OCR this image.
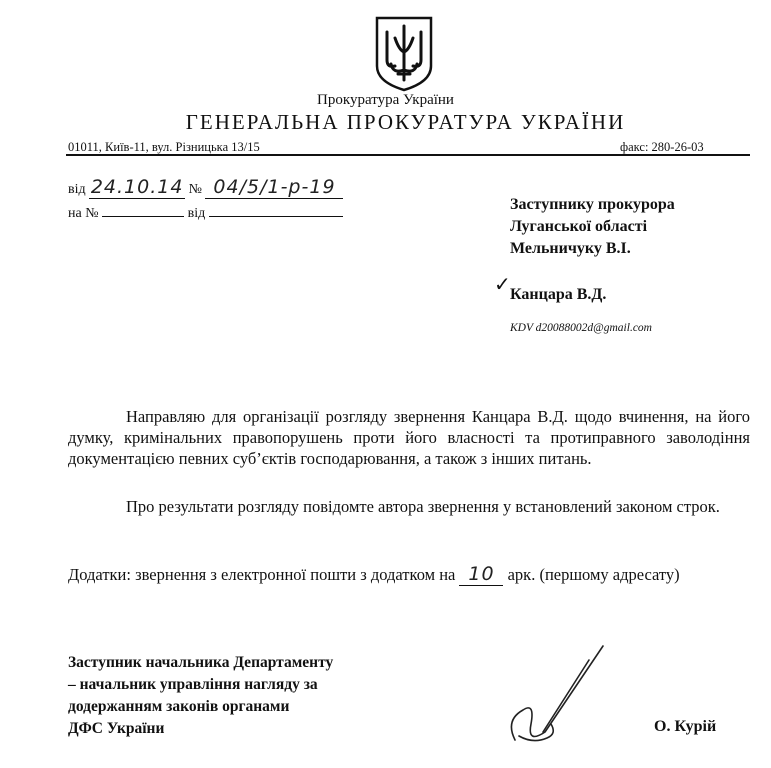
Прокуратура України
ГЕНЕРАЛЬНА ПРОКУРАТУРА УКРАЇНИ
01011, Київ-11, вул. Різницька 13/15	факс: 280-26-03
від 24.10.14 № 04/5/1-р-19
на №	від
Заступнику прокурора
Луганської області
Мельничуку В.І.
✓ Канцара В.Д.
KDV d20088002d@gmail.com
Направляю для організації розгляду звернення Канцара В.Д. щодо вчинення, на його думку, кримінальних правопорушень проти його власності та протиправного заволодіння документацією певних суб’єктів господарювання, а також з інших питань.
Про результати розгляду повідомте автора звернення у встановлений законом строк.
Додатки: звернення з електронної пошти з додатком на 10 арк. (першому адресату)
Заступник начальника Департаменту
– начальник управління нагляду за
додержанням законів органами
ДФС України	О. Курій
